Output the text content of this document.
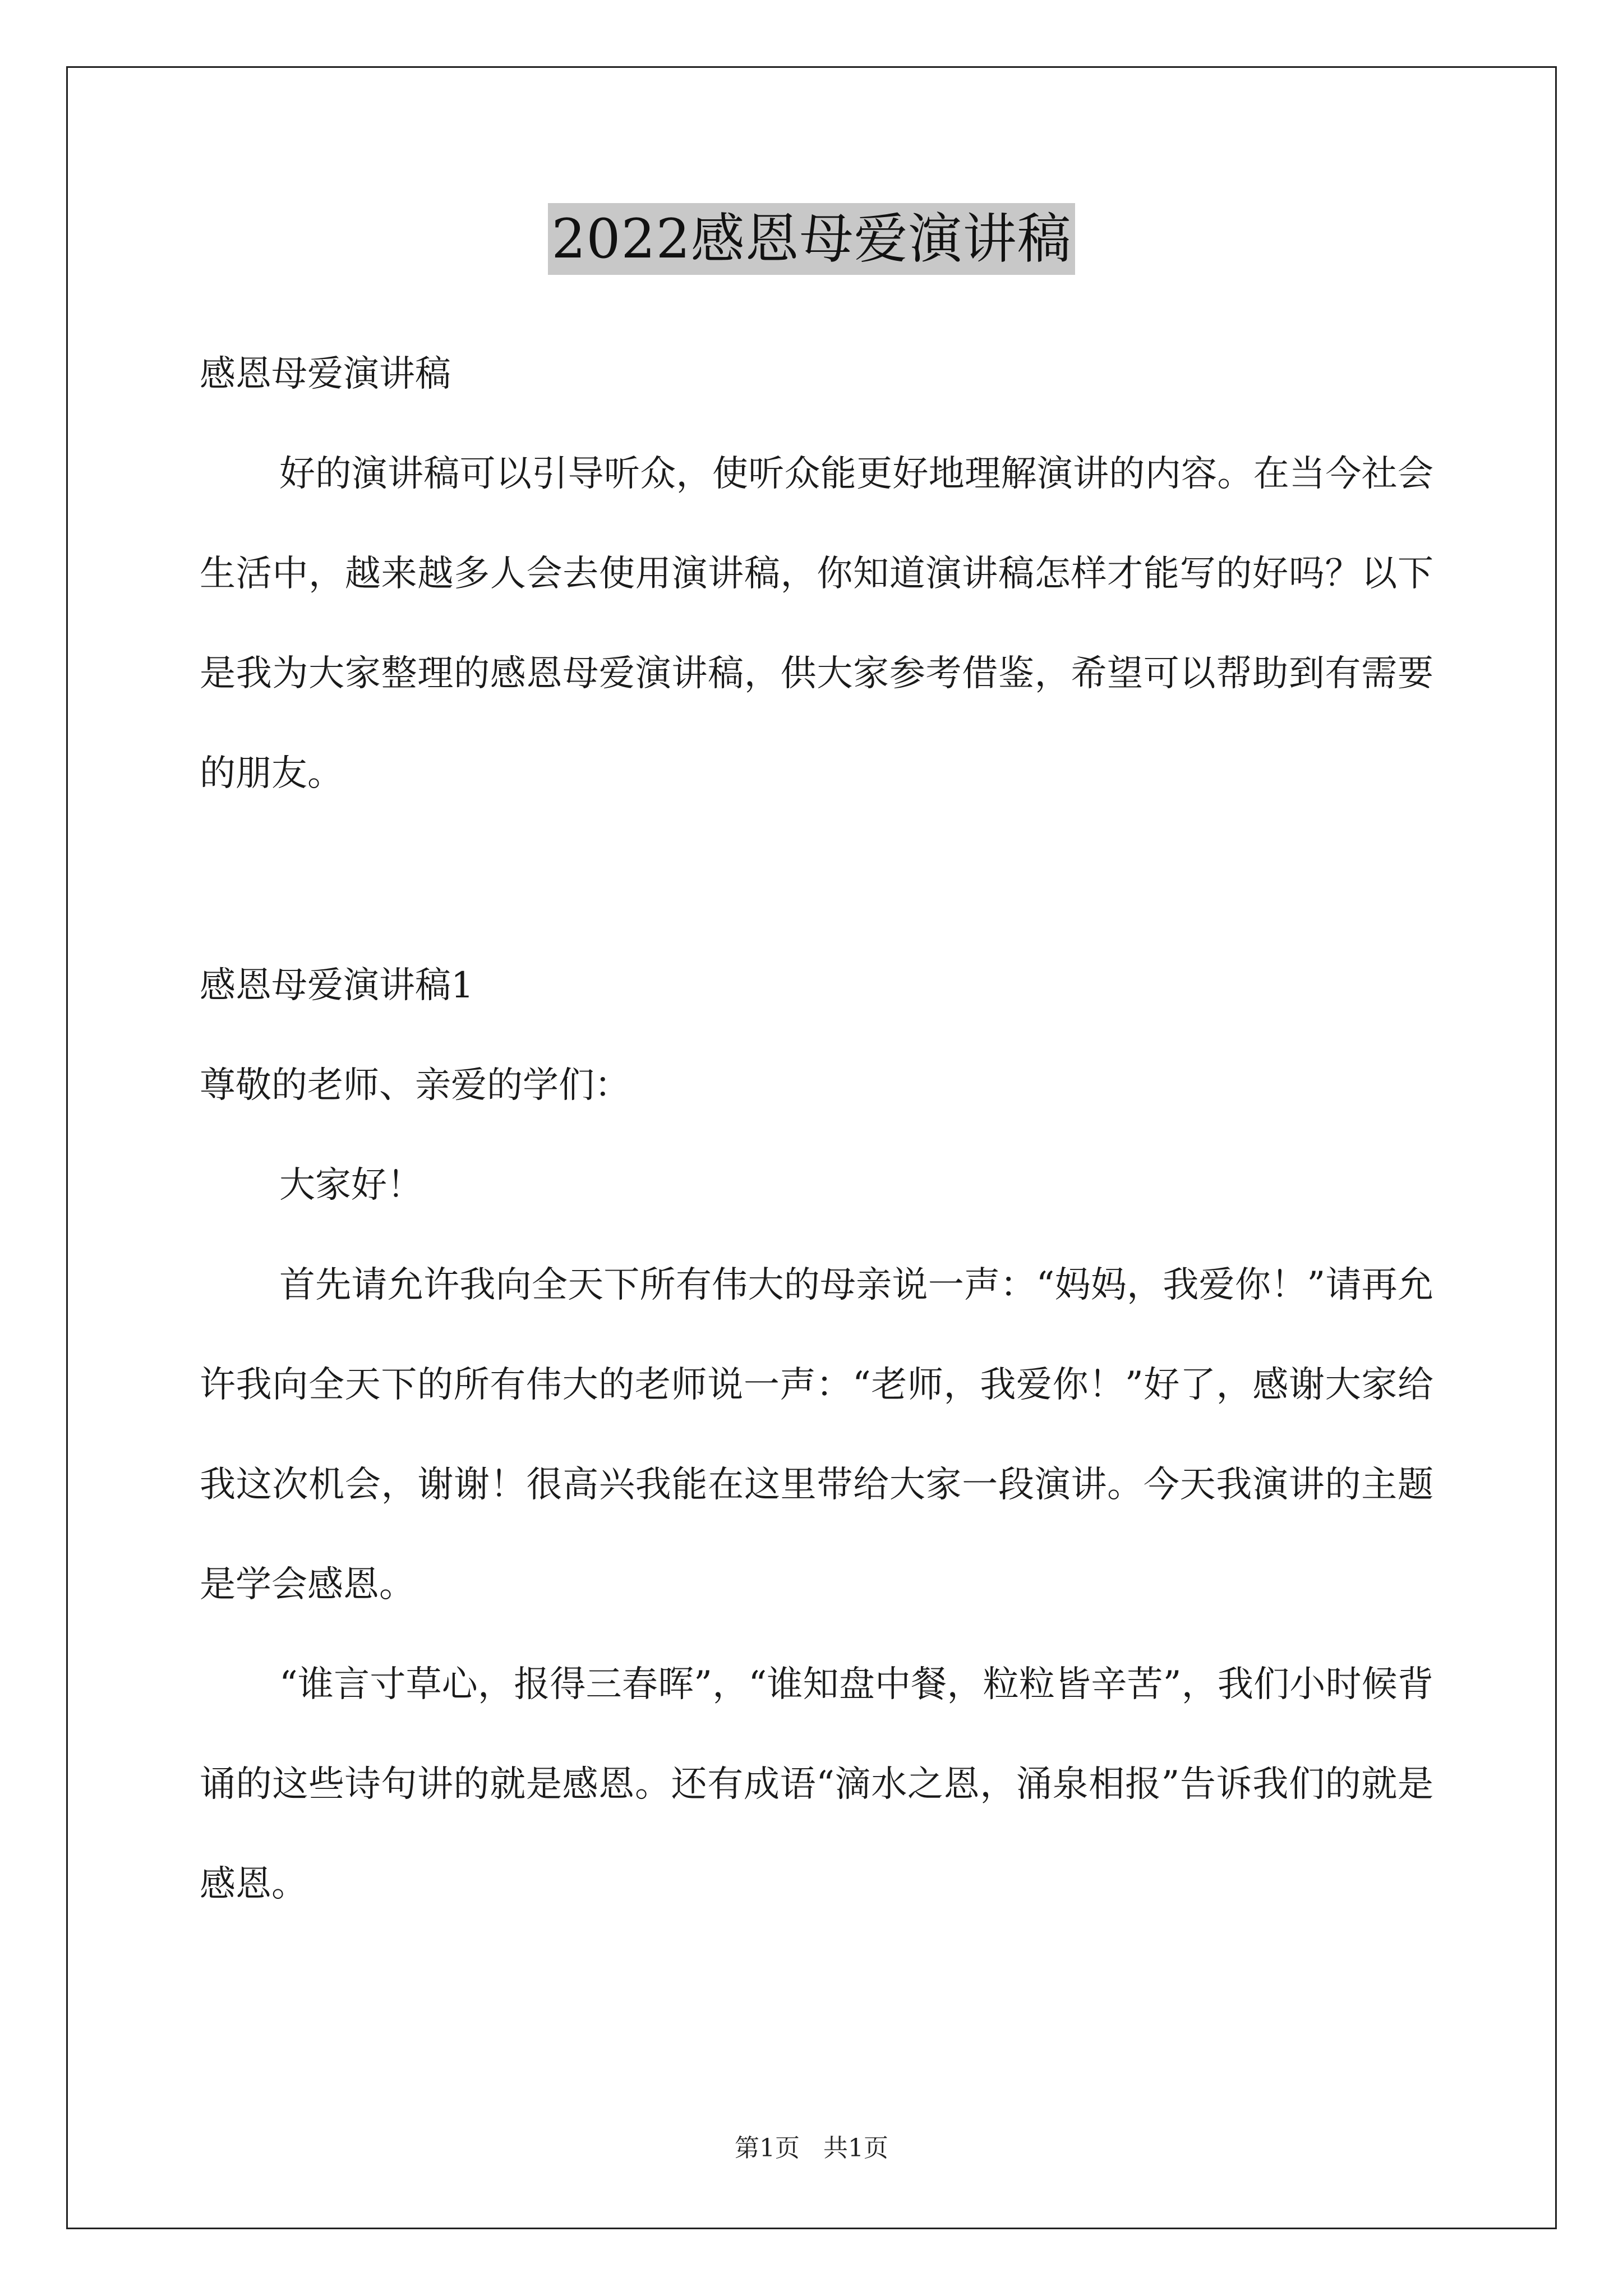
2022感恩母爱演讲稿

感恩母爱演讲稿

好的演讲稿可以引导听众，使听众能更好地理解演讲的内容。在当今社会生活中，越来越多人会去使用演讲稿，你知道演讲稿怎样才能写的好吗？以下是我为大家整理的感恩母爱演讲稿，供大家参考借鉴，希望可以帮助到有需要的朋友。

感恩母爱演讲稿1

尊敬的老师、亲爱的学们：

大家好！

首先请允许我向全天下所有伟大的母亲说一声：“妈妈，我爱你！”请再允许我向全天下的所有伟大的老师说一声：“老师，我爱你！”好了，感谢大家给我这次机会，谢谢！很高兴我能在这里带给大家一段演讲。今天我演讲的主题是学会感恩。

“谁言寸草心，报得三春晖”，“谁知盘中餐，粒粒皆辛苦”，我们小时候背诵的这些诗句讲的就是感恩。还有成语“滴水之恩，涌泉相报”告诉我们的就是感恩。

第1页 共1页
